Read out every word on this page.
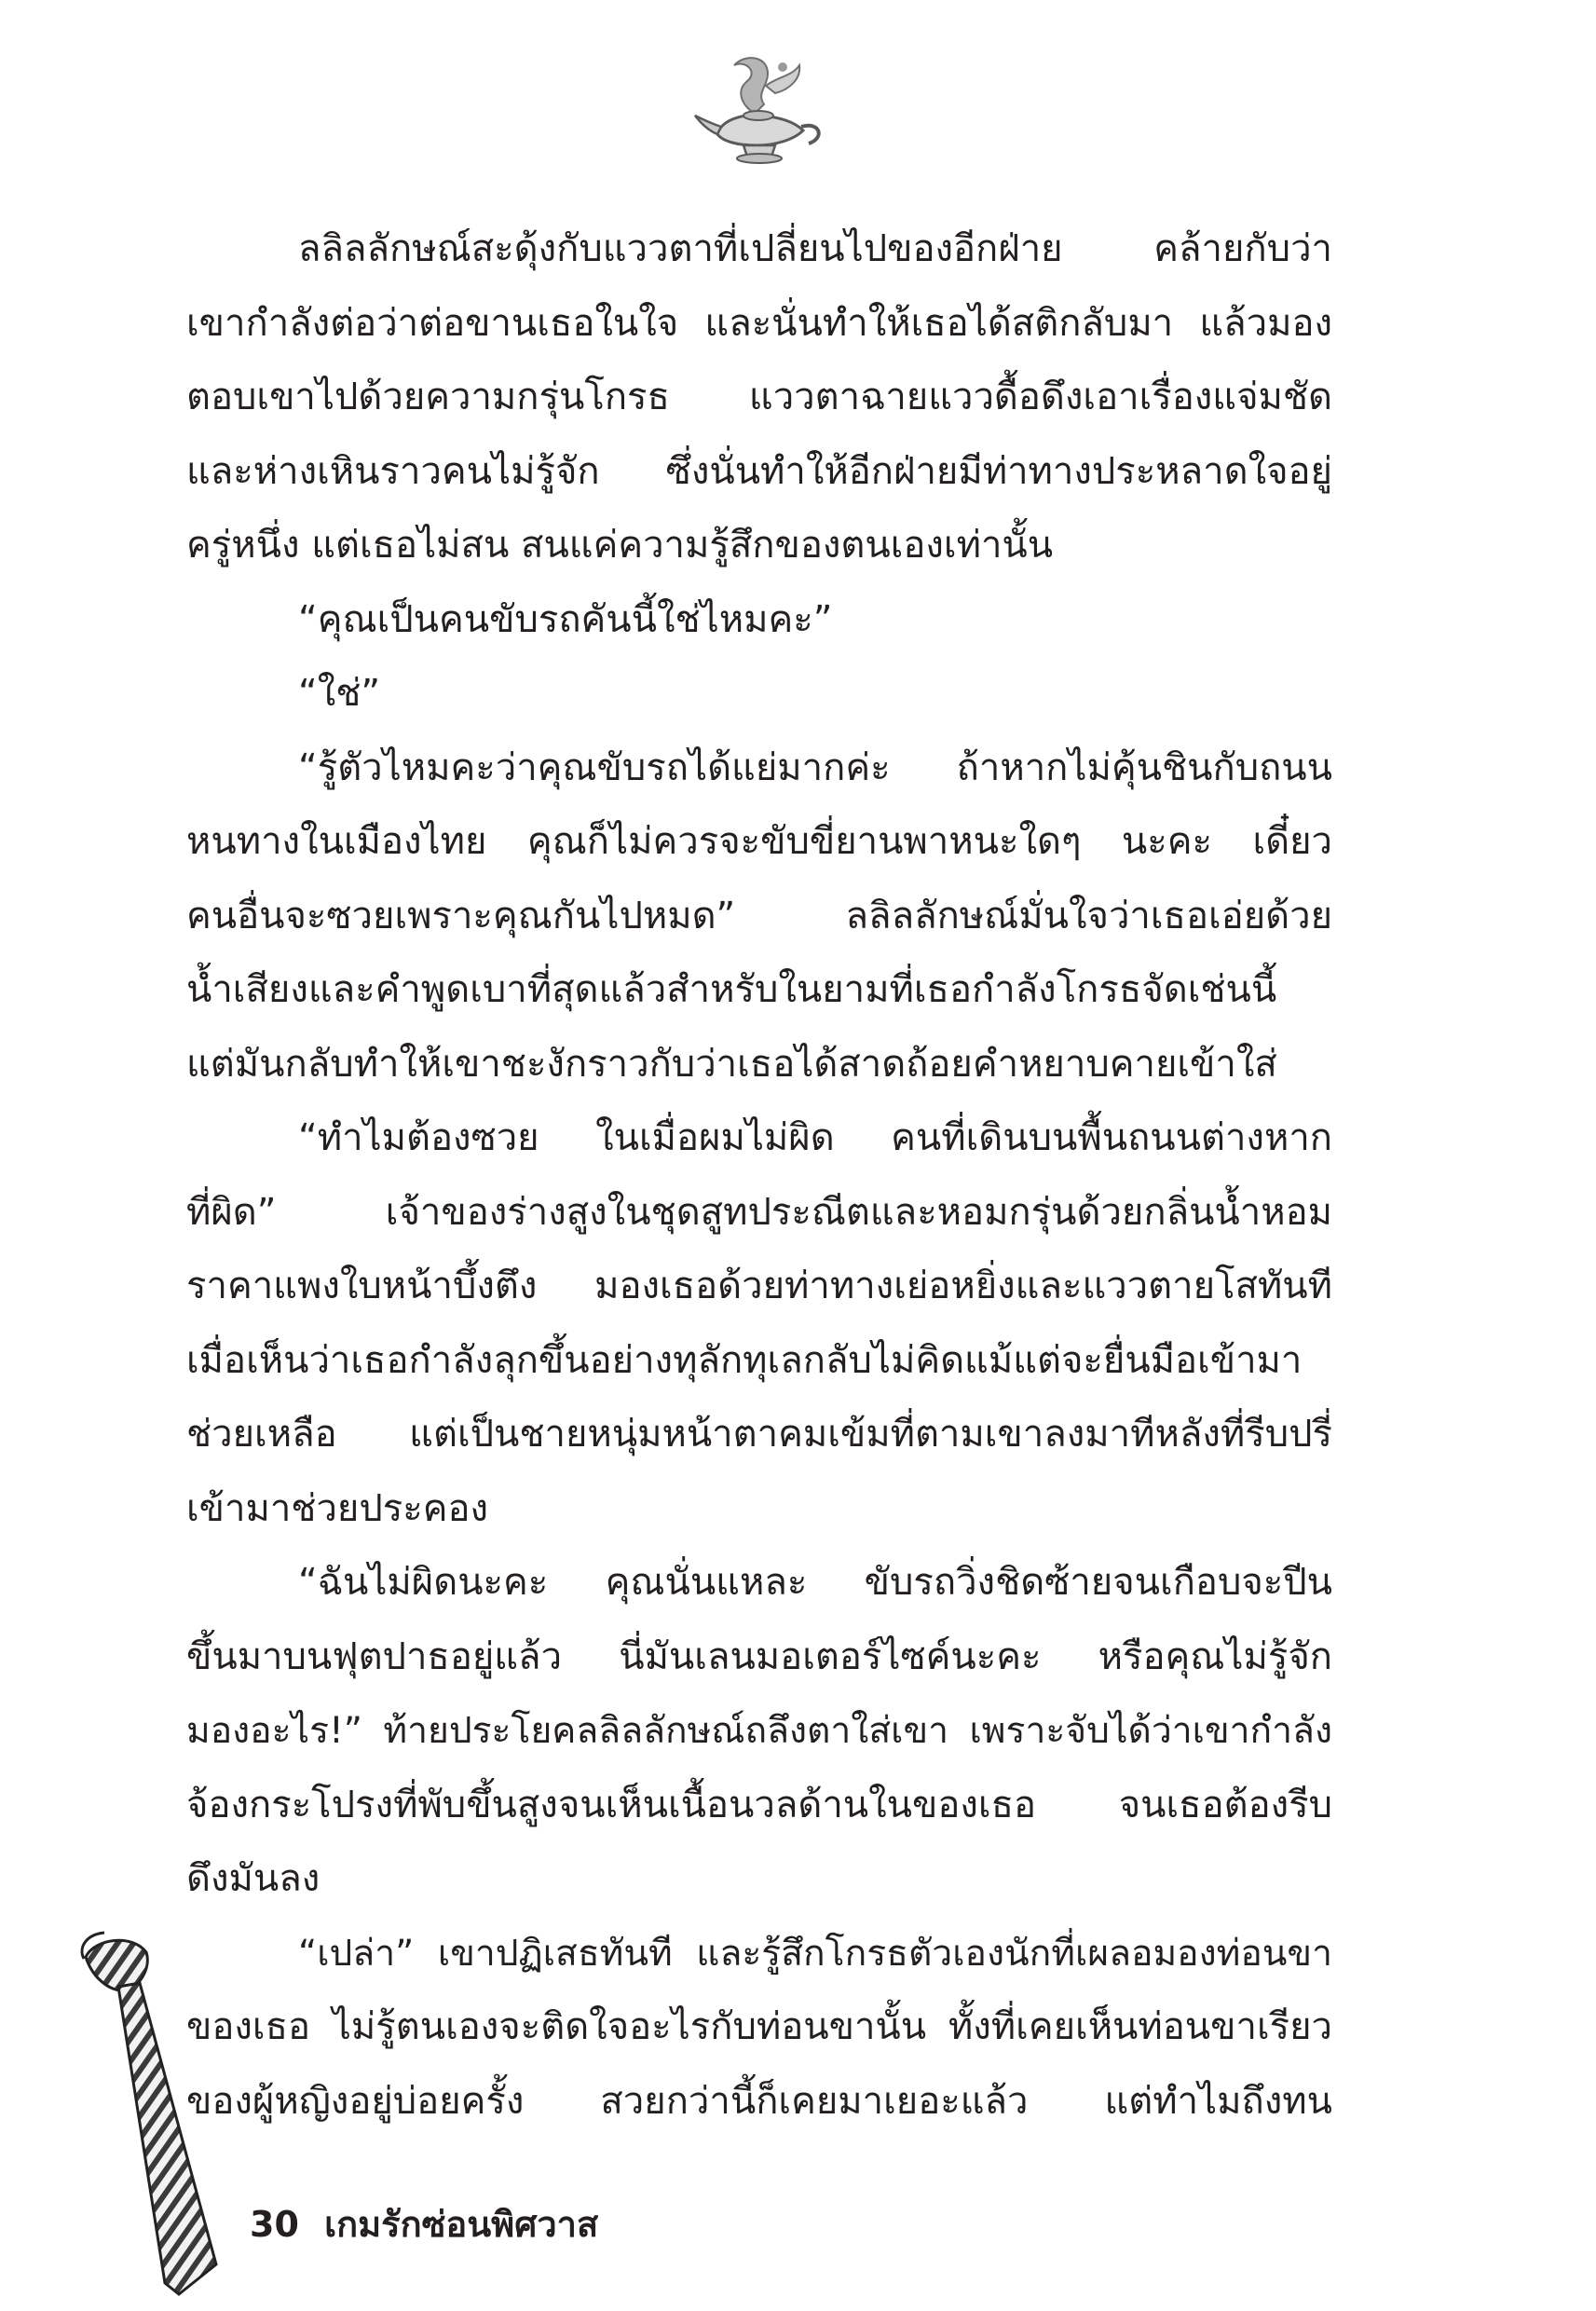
ลลิลลักษณ์สะดุ้งกับแววตาที่เปลี่ยนไปของอีกฝ่าย คล้ายกับว่า
เขากำลังต่อว่าต่อขานเธอในใจ และนั่นทำให้เธอได้สติกลับมา แล้วมอง
ตอบเขาไปด้วยความกรุ่นโกรธ แววตาฉายแววดื้อดึงเอาเรื่องแจ่มชัด
และห่างเหินราวคนไม่รู้จัก ซึ่งนั่นทำให้อีกฝ่ายมีท่าทางประหลาดใจอยู่
ครู่หนึ่ง แต่เธอไม่สน สนแค่ความรู้สึกของตนเองเท่านั้น
“คุณเป็นคนขับรถคันนี้ใช่ไหมคะ”
“ใช่”
“รู้ตัวไหมคะว่าคุณขับรถได้แย่มากค่ะ ถ้าหากไม่คุ้นชินกับถนน
หนทางในเมืองไทย คุณก็ไม่ควรจะขับขี่ยานพาหนะใดๆ นะคะ เดี๋ยว
คนอื่นจะซวยเพราะคุณกันไปหมด” ลลิลลักษณ์มั่นใจว่าเธอเอ่ยด้วย
น้ำเสียงและคำพูดเบาที่สุดแล้วสำหรับในยามที่เธอกำลังโกรธจัดเช่นนี้
แต่มันกลับทำให้เขาชะงักราวกับว่าเธอได้สาดถ้อยคำหยาบคายเข้าใส่
“ทำไมต้องซวย ในเมื่อผมไม่ผิด คนที่เดินบนพื้นถนนต่างหาก
ที่ผิด” เจ้าของร่างสูงในชุดสูทประณีตและหอมกรุ่นด้วยกลิ่นน้ำหอม
ราคาแพงใบหน้าบึ้งตึง มองเธอด้วยท่าทางเย่อหยิ่งและแววตายโสทันที
เมื่อเห็นว่าเธอกำลังลุกขึ้นอย่างทุลักทุเลกลับไม่คิดแม้แต่จะยื่นมือเข้ามา
ช่วยเหลือ แต่เป็นชายหนุ่มหน้าตาคมเข้มที่ตามเขาลงมาทีหลังที่รีบปรี่
เข้ามาช่วยประคอง
“ฉันไม่ผิดนะคะ คุณนั่นแหละ ขับรถวิ่งชิดซ้ายจนเกือบจะปีน
ขึ้นมาบนฟุตปาธอยู่แล้ว นี่มันเลนมอเตอร์ไซค์นะคะ หรือคุณไม่รู้จัก
มองอะไร!” ท้ายประโยคลลิลลักษณ์ถลึงตาใส่เขา เพราะจับได้ว่าเขากำลัง
จ้องกระโปรงที่พับขึ้นสูงจนเห็นเนื้อนวลด้านในของเธอ จนเธอต้องรีบ
ดึงมันลง
“เปล่า” เขาปฏิเสธทันที และรู้สึกโกรธตัวเองนักที่เผลอมองท่อนขา
ของเธอ ไม่รู้ตนเองจะติดใจอะไรกับท่อนขานั้น ทั้งที่เคยเห็นท่อนขาเรียว
ของผู้หญิงอยู่บ่อยครั้ง สวยกว่านี้ก็เคยมาเยอะแล้ว แต่ทำไมถึงทน
30 เกมรักซ่อนพิศวาส
